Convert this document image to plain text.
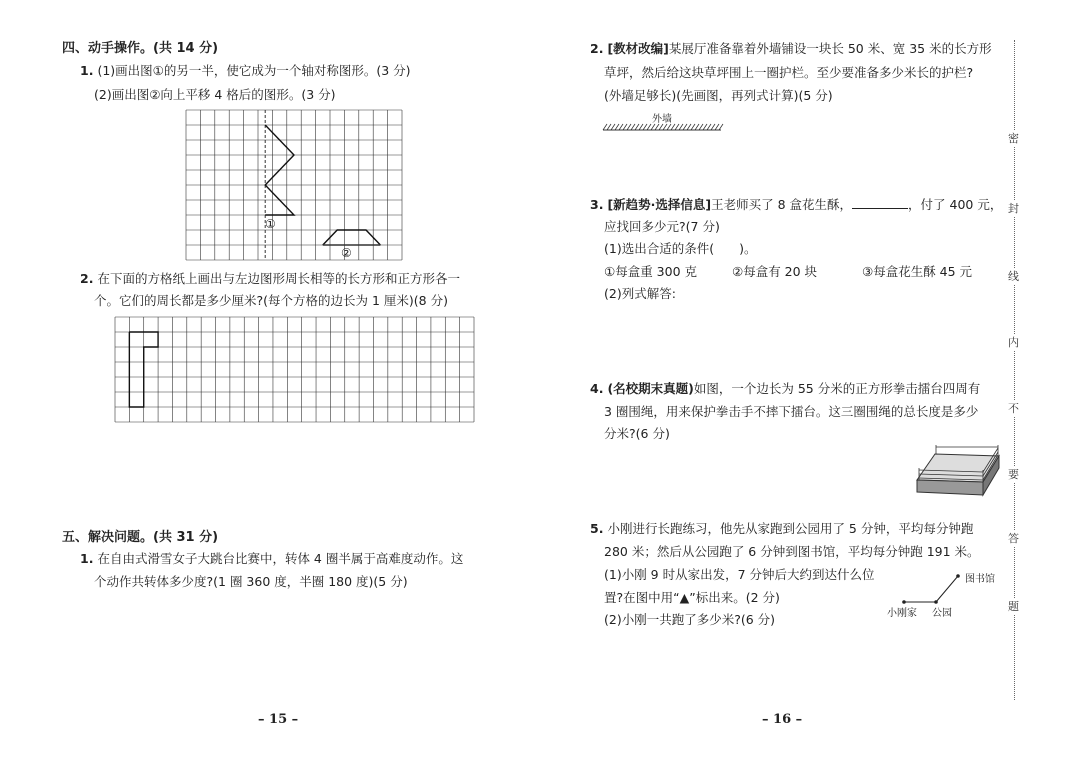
四、动手操作。(共 14 分)
1. (1)画出图①的另一半，使它成为一个轴对称图形。(3 分)
(2)画出图②向上平移 4 格后的图形。(3 分)
①
②
2. 在下面的方格纸上画出与左边图形周长相等的长方形和正方形各一
个。它们的周长都是多少厘米?(每个方格的边长为 1 厘米)(8 分)
五、解决问题。(共 31 分)
1. 在自由式滑雪女子大跳台比赛中，转体 4 圈半属于高难度动作。这
个动作共转体多少度?(1 圈 360 度，半圈 180 度)(5 分)
– 15 –
2. [教材改编]某展厅准备靠着外墙铺设一块长 50 米、宽 35 米的长方形
草坪，然后给这块草坪围上一圈护栏。至少要准备多少米长的护栏?
(外墙足够长)(先画图，再列式计算)(5 分)
外墙
3. [新趋势·选择信息]王老师买了 8 盒花生酥，	，付了 400 元，
应找回多少元?(7 分)
(1)选出合适的条件(　　)。
①每盒重 300 克	②每盒有 20 块	③每盒花生酥 45 元
(2)列式解答:
4. (名校期末真题)如图，一个边长为 55 分米的正方形拳击擂台四周有
3 圈围绳，用来保护拳击手不摔下擂台。这三圈围绳的总长度是多少
分米?(6 分)
5. 小刚进行长跑练习，他先从家跑到公园用了 5 分钟，平均每分钟跑
280 米；然后从公园跑了 6 分钟到图书馆，平均每分钟跑 191 米。
(1)小刚 9 时从家出发，7 分钟后大约到达什么位
置?在图中用“▲”标出来。(2 分)
(2)小刚一共跑了多少米?(6 分)
图书馆
小刚家 公园
– 16 –
密
封
线
内
不
要
答
题
